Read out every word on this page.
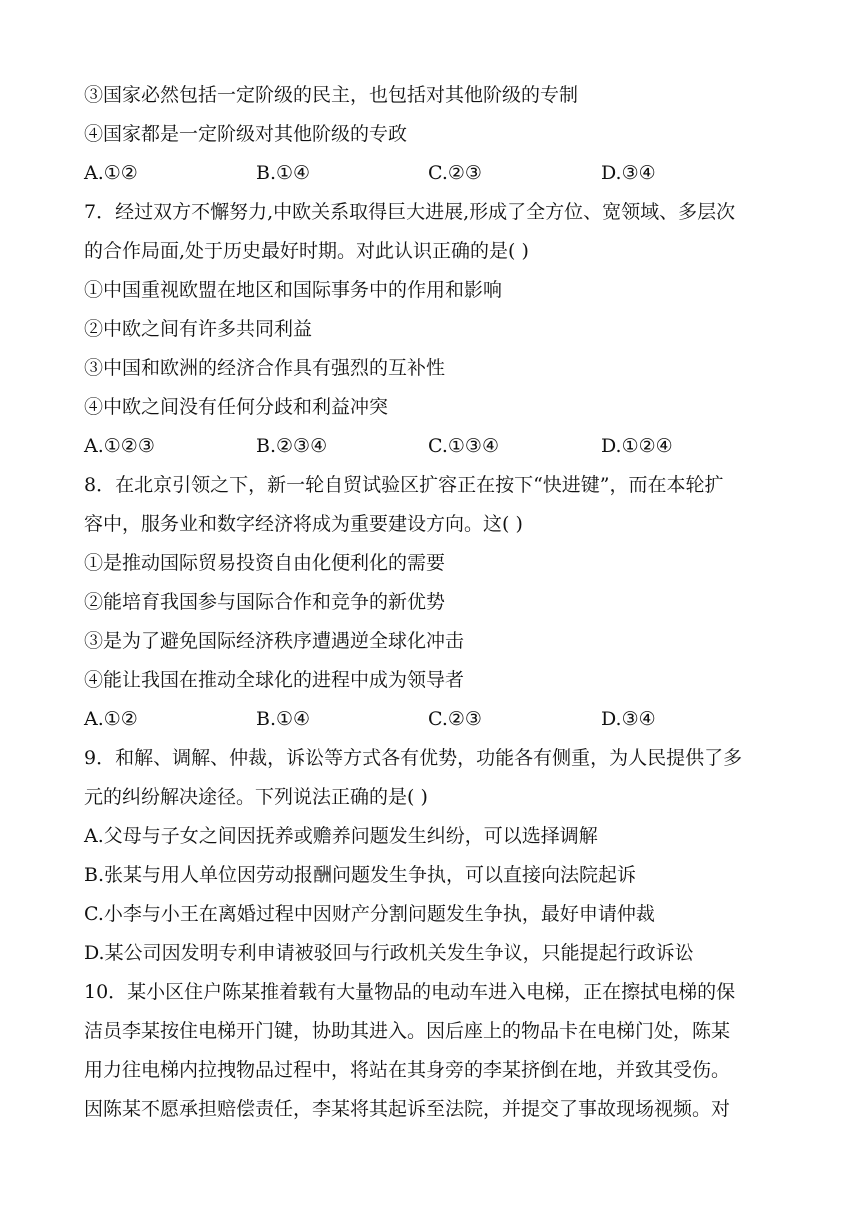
③国家必然包括一定阶级的民主，也包括对其他阶级的专制
④国家都是一定阶级对其他阶级的专政
A.①②	B.①④	C.②③	D.③④
7．经过双方不懈努力,中欧关系取得巨大进展,形成了全方位、宽领域、多层次
的合作局面,处于历史最好时期。对此认识正确的是( )
①中国重视欧盟在地区和国际事务中的作用和影响
②中欧之间有许多共同利益
③中国和欧洲的经济合作具有强烈的互补性
④中欧之间没有任何分歧和利益冲突
A.①②③	B.②③④	C.①③④	D.①②④
8．在北京引领之下，新一轮自贸试验区扩容正在按下“快进键”，而在本轮扩
容中，服务业和数字经济将成为重要建设方向。这( )
①是推动国际贸易投资自由化便利化的需要
②能培育我国参与国际合作和竞争的新优势
③是为了避免国际经济秩序遭遇逆全球化冲击
④能让我国在推动全球化的进程中成为领导者
A.①②	B.①④	C.②③	D.③④
9．和解、调解、仲裁，诉讼等方式各有优势，功能各有侧重，为人民提供了多
元的纠纷解决途径。下列说法正确的是( )
A.父母与子女之间因抚养或赡养问题发生纠纷，可以选择调解
B.张某与用人单位因劳动报酬问题发生争执，可以直接向法院起诉
C.小李与小王在离婚过程中因财产分割问题发生争执，最好申请仲裁
D.某公司因发明专利申请被驳回与行政机关发生争议，只能提起行政诉讼
10．某小区住户陈某推着载有大量物品的电动车进入电梯，正在擦拭电梯的保
洁员李某按住电梯开门键，协助其进入。因后座上的物品卡在电梯门处，陈某
用力往电梯内拉拽物品过程中，将站在其身旁的李某挤倒在地，并致其受伤。
因陈某不愿承担赔偿责任，李某将其起诉至法院，并提交了事故现场视频。对
